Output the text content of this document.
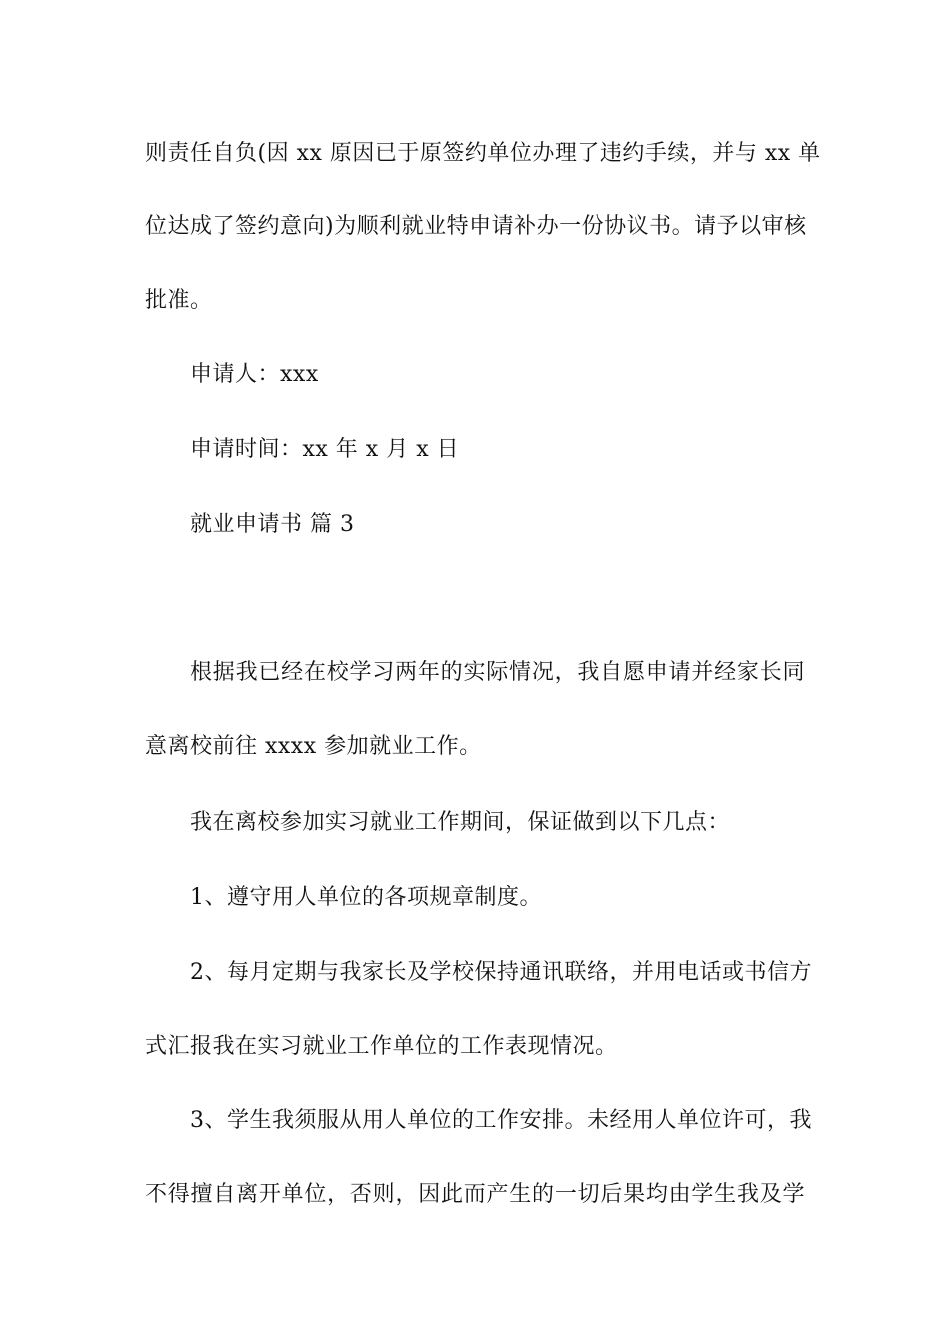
则责任自负(因 xx 原因已于原签约单位办理了违约手续，并与 xx 单
位达成了签约意向)为顺利就业特申请补办一份协议书。请予以审核
批准。
申请人：xxx
申请时间：xx 年 x 月 x 日
就业申请书 篇 3
根据我已经在校学习两年的实际情况，我自愿申请并经家长同
意离校前往 xxxx 参加就业工作。
我在离校参加实习就业工作期间，保证做到以下几点：
1、遵守用人单位的各项规章制度。
2、每月定期与我家长及学校保持通讯联络，并用电话或书信方
式汇报我在实习就业工作单位的工作表现情况。
3、学生我须服从用人单位的工作安排。未经用人单位许可，我
不得擅自离开单位，否则，因此而产生的一切后果均由学生我及学
